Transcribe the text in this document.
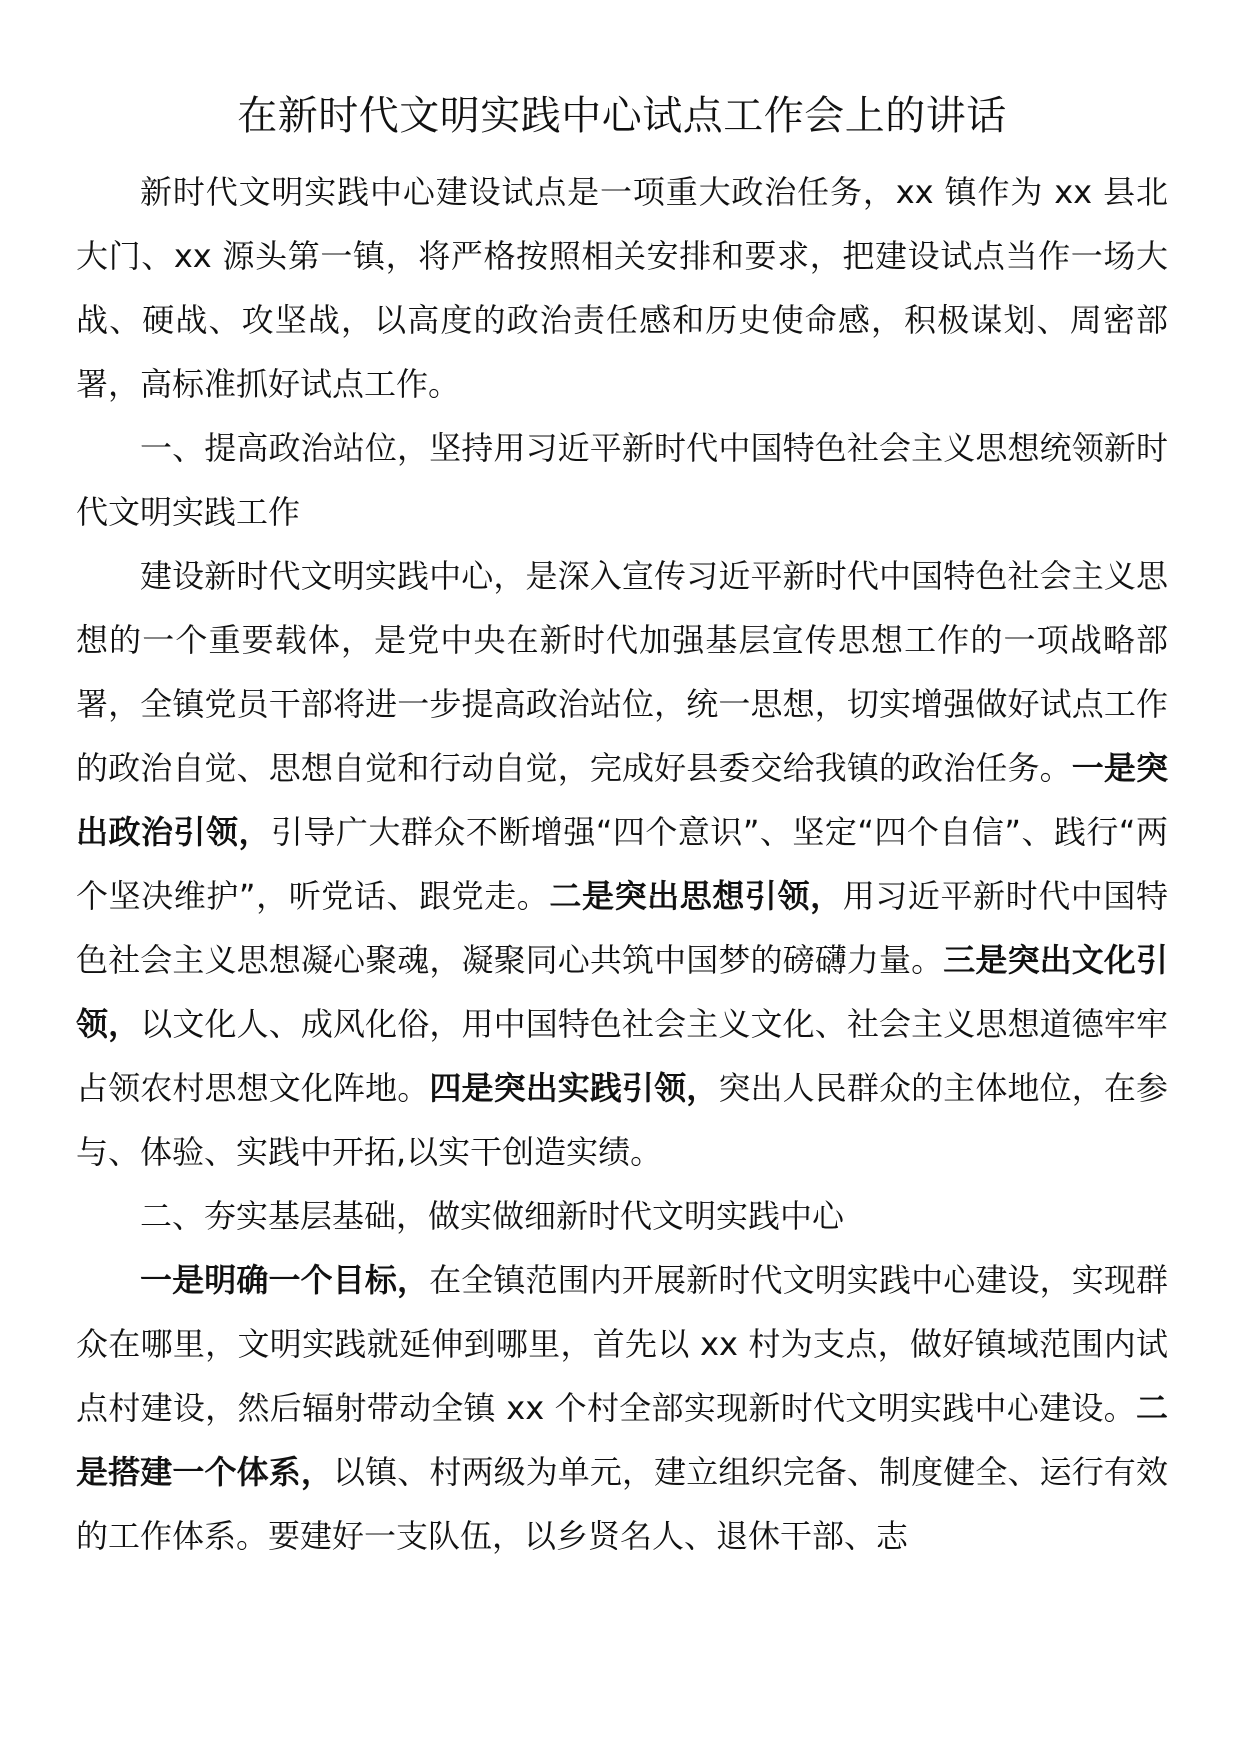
在新时代文明实践中心试点工作会上的讲话

新时代文明实践中心建设试点是一项重大政治任务，xx 镇作为 xx 县北大门、xx 源头第一镇，将严格按照相关安排和要求，把建设试点当作一场大战、硬战、攻坚战，以高度的政治责任感和历史使命感，积极谋划、周密部署，高标准抓好试点工作。

一、提高政治站位，坚持用习近平新时代中国特色社会主义思想统领新时代文明实践工作

建设新时代文明实践中心，是深入宣传习近平新时代中国特色社会主义思想的一个重要载体，是党中央在新时代加强基层宣传思想工作的一项战略部署，全镇党员干部将进一步提高政治站位，统一思想，切实增强做好试点工作的政治自觉、思想自觉和行动自觉，完成好县委交给我镇的政治任务。一是突出政治引领，引导广大群众不断增强“四个意识”、坚定“四个自信”、践行“两个坚决维护”，听党话、跟党走。二是突出思想引领，用习近平新时代中国特色社会主义思想凝心聚魂，凝聚同心共筑中国梦的磅礴力量。三是突出文化引领，以文化人、成风化俗，用中国特色社会主义文化、社会主义思想道德牢牢占领农村思想文化阵地。四是突出实践引领，突出人民群众的主体地位，在参与、体验、实践中开拓,以实干创造实绩。

二、夯实基层基础，做实做细新时代文明实践中心

一是明确一个目标，在全镇范围内开展新时代文明实践中心建设，实现群众在哪里，文明实践就延伸到哪里，首先以 xx 村为支点，做好镇域范围内试点村建设，然后辐射带动全镇 xx 个村全部实现新时代文明实践中心建设。二是搭建一个体系，以镇、村两级为单元，建立组织完备、制度健全、运行有效的工作体系。要建好一支队伍，以乡贤名人、退休干部、志
